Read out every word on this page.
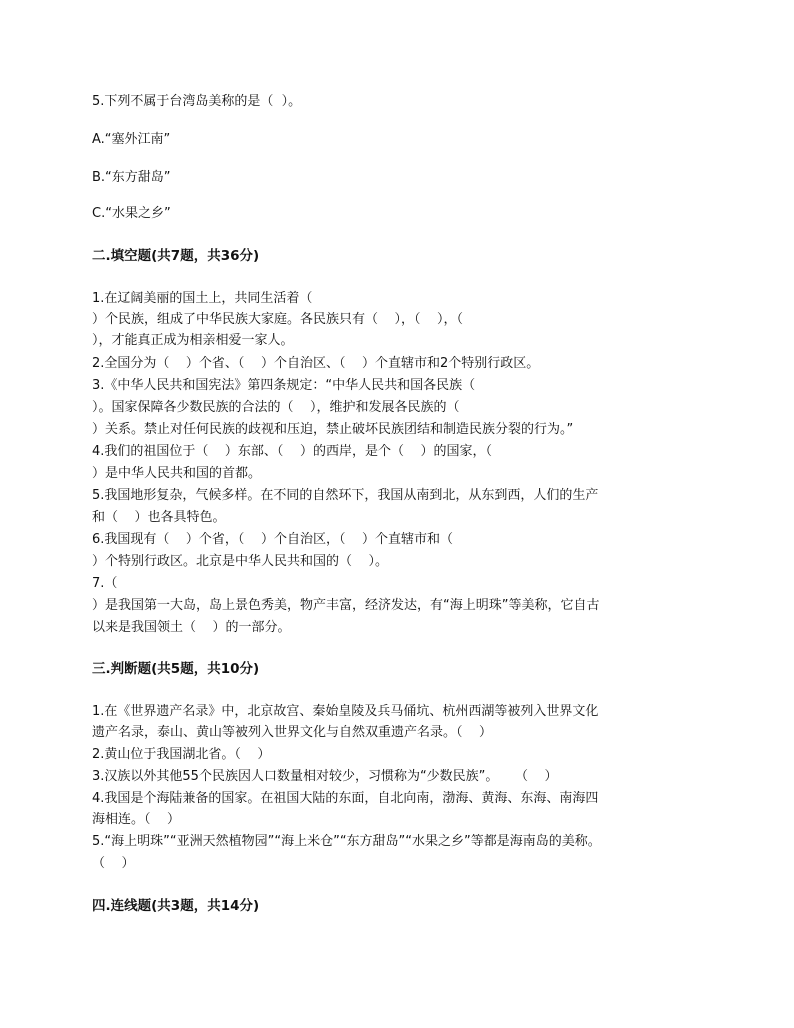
5.下列不属于台湾岛美称的是（  ）。
A.“塞外江南”
B.“东方甜岛”
C.“水果之乡”
二.填空题(共7题，共36分)
1.在辽阔美丽的国土上，共同生活着（
）个民族，组成了中华民族大家庭。各民族只有（    ），（    ），（
），才能真正成为相亲相爱一家人。
2.全国分为（    ）个省、（    ）个自治区、（    ）个直辖市和2个特别行政区。
3.《中华人民共和国宪法》第四条规定：“中华人民共和国各民族（
）。国家保障各少数民族的合法的（    ），维护和发展各民族的（
）关系。禁止对任何民族的歧视和压迫，禁止破坏民族团结和制造民族分裂的行为。”
4.我们的祖国位于（    ）东部、（    ）的西岸，是个（    ）的国家，（
）是中华人民共和国的首都。
5.我国地形复杂，气候多样。在不同的自然环下，我国从南到北，从东到西，人们的生产
和（    ）也各具特色。
6.我国现有（    ）个省，（    ）个自治区，（    ）个直辖市和（
）个特别行政区。北京是中华人民共和国的（    ）。
7.（
）是我国第一大岛，岛上景色秀美，物产丰富，经济发达，有“海上明珠”等美称，它自古
以来是我国领土（    ）的一部分。
三.判断题(共5题，共10分)
1.在《世界遗产名录》中，北京故宫、秦始皇陵及兵马俑坑、杭州西湖等被列入世界文化
遗产名录，泰山、黄山等被列入世界文化与自然双重遗产名录。（    ）
2.黄山位于我国湖北省。（    ）
3.汉族以外其他55个民族因人口数量相对较少，习惯称为“少数民族”。    （    ）
4.我国是个海陆兼备的国家。在祖国大陆的东面，自北向南，渤海、黄海、东海、南海四
海相连。（    ）
5.“海上明珠”“亚洲天然植物园”“海上米仓”“东方甜岛”“水果之乡”等都是海南岛的美称。
（    ）
四.连线题(共3题，共14分)
